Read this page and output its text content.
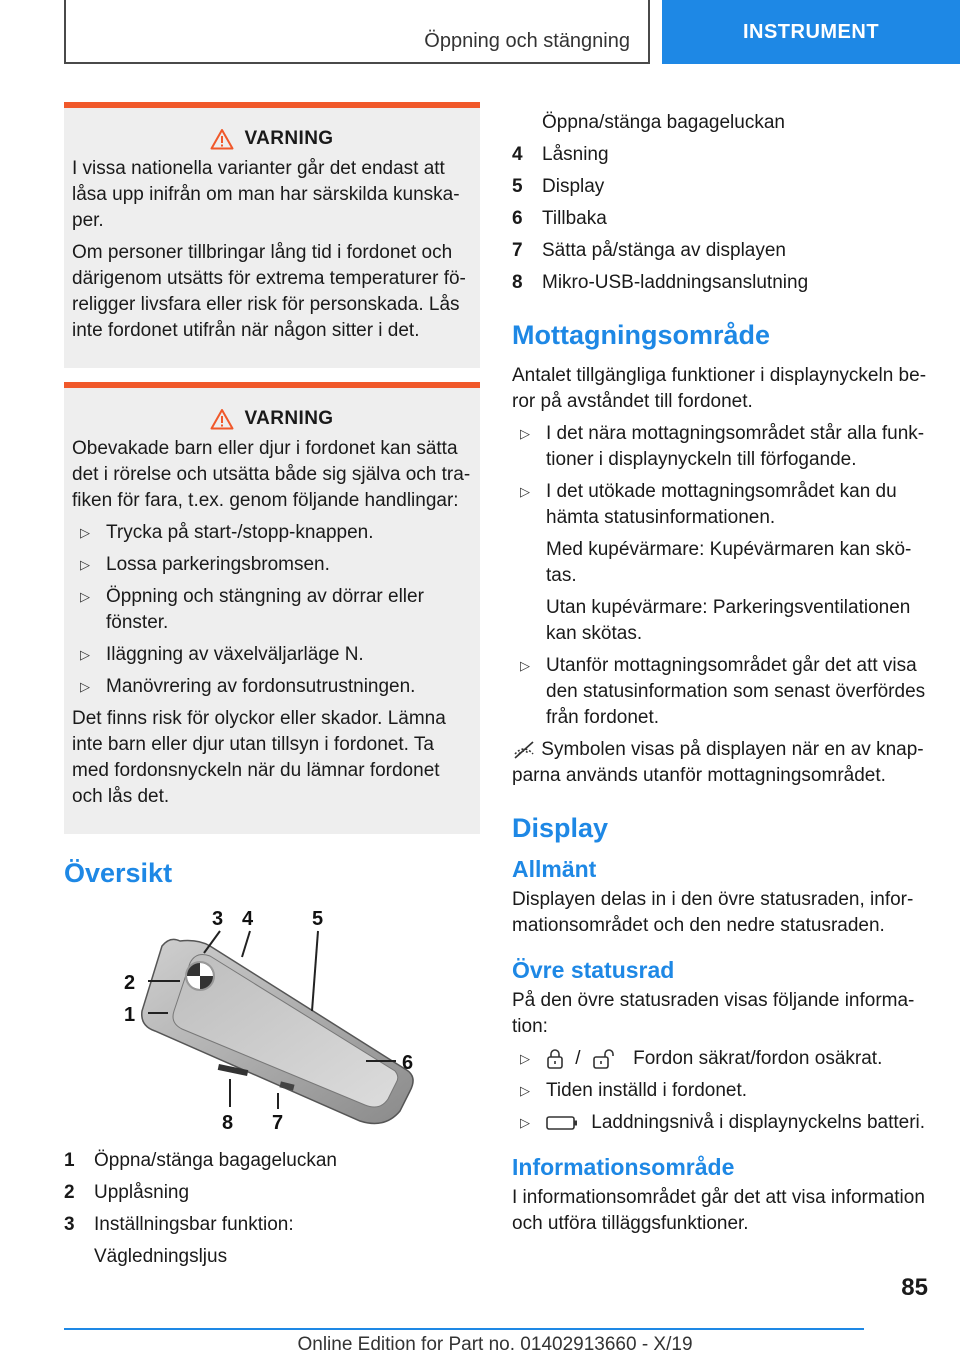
Öppning och stängning	INSTRUMENT
VARNING

I vissa nationella varianter går det endast att låsa upp inifrån om man har särskilda kunska-per.

Om personer tillbringar lång tid i fordonet och därigenom utsätts för extrema temperaturer fö-religger livsfara eller risk för personskada. Lås inte fordonet utifrån när någon sitter i det.

VARNING

Obevakade barn eller djur i fordonet kan sätta det i rörelse och utsätta både sig själva och tra-fiken för fara, t.ex. genom följande handlingar:

▷ Trycka på start-/stopp-knappen.
▷ Lossa parkeringsbromsen.
▷ Öppning och stängning av dörrar eller fönster.
▷ Iläggning av växelväljarläge N.
▷ Manövrering av fordonsutrustningen.

Det finns risk för olyckor eller skador. Lämna inte barn eller djur utan tillsyn i fordonet. Ta med fordonsnyckeln när du lämnar fordonet och lås det.

Översikt
1
2
3 4	5
6
7
8
1	Öppna/stänga bagageluckan
2	Upplåsning
3	Inställningsbar funktion:
Vägledningsljus
Öppna/stänga bagageluckan
4	Låsning
5	Display
6	Tillbaka
7	Sätta på/stänga av displayen
8	Mikro-USB-laddningsanslutning
Mottagningsområde

Antalet tillgängliga funktioner i displaynyckeln be-ror på avståndet till fordonet.

▷ I det nära mottagningsområdet står alla funk-tioner i displaynyckeln till förfogande.
▷ I det utökade mottagningsområdet kan du hämta statusinformationen.
Med kupévärmare: Kupévärmaren kan skö-tas.
Utan kupévärmare: Parkeringsventilationen kan skötas.
▷ Utanför mottagningsområdet går det att visa den statusinformation som senast överfördes från fordonet.

Symbolen visas på displayen när en av knap-parna används utanför mottagningsområdet.

Display
Allmänt

Displayen delas in i den övre statusraden, infor-mationsområdet och den nedre statusraden.

Övre statusrad

På den övre statusraden visas följande informa-tion:

▷ /	Fordon säkrat/fordon osäkrat.
▷ Tiden inställd i fordonet.
▷ Laddningsnivå i displaynyckelns batteri.
Informationsområde

I informationsområdet går det att visa information och utföra tilläggsfunktioner.

85
Online Edition for Part no. 01402913660 - X/19
